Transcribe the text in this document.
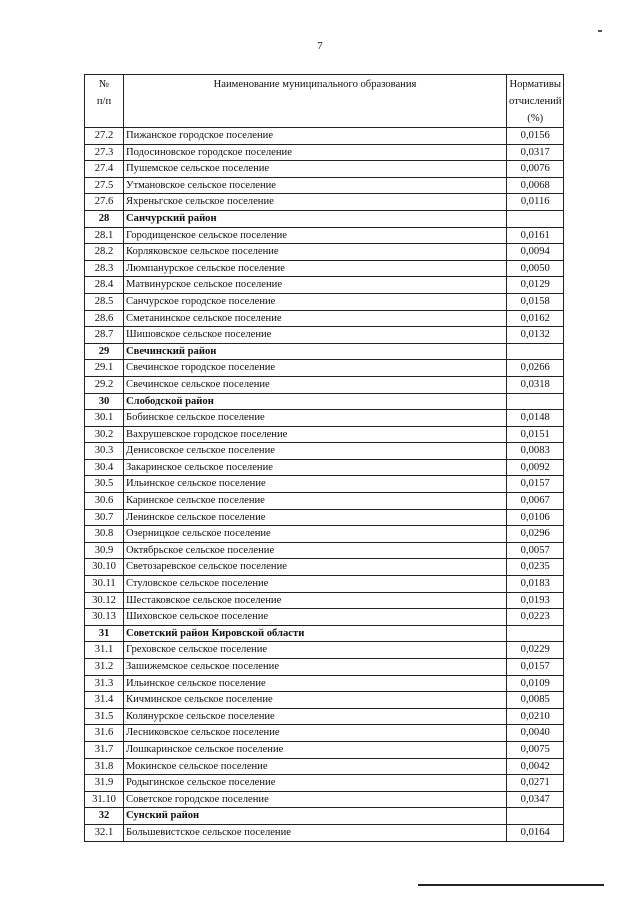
7
№
п/п	Наименование муниципального образования	Нормативы
отчислений
(%)

27.2	Пижанское городское поселение	0,0156
27.3	Подосиновское городское поселение	0,0317
27.4	Пушемское сельское поселение	0,0076
27.5	Утмановское сельское поселение	0,0068
27.6	Яхреньгское сельское поселение	0,0116
28	Санчурский район	
28.1	Городищенское сельское поселение	0,0161
28.2	Корляковское сельское поселение	0,0094
28.3	Люмпанурское сельское поселение	0,0050
28.4	Матвинурское сельское поселение	0,0129
28.5	Санчурское городское поселение	0,0158
28.6	Сметанинское сельское поселение	0,0162
28.7	Шишовское сельское поселение	0,0132
29	Свечинский район	
29.1	Свечинское городское поселение	0,0266
29.2	Свечинское сельское поселение	0,0318
30	Слободской район	
30.1	Бобинское сельское поселение	0,0148
30.2	Вахрушевское городское поселение	0,0151
30.3	Денисовское сельское поселение	0,0083
30.4	Закаринское сельское поселение	0,0092
30.5	Ильинское сельское поселение	0,0157
30.6	Каринское сельское поселение	0,0067
30.7	Ленинское сельское поселение	0,0106
30.8	Озерницкое сельское поселение	0,0296
30.9	Октябрьское сельское поселение	0,0057
30.10	Светозаревское сельское поселение	0,0235
30.11	Стуловское сельское поселение	0,0183
30.12	Шестаковское сельское поселение	0,0193
30.13	Шиховское сельское поселение	0,0223
31	Советский район Кировской области	
31.1	Греховское сельское поселение	0,0229
31.2	Зашижемское сельское поселение	0,0157
31.3	Ильинское сельское поселение	0,0109
31.4	Кичминское сельское поселение	0,0085
31.5	Колянурское сельское поселение	0,0210
31.6	Лесниковское сельское поселение	0,0040
31.7	Лошкаринское сельское поселение	0,0075
31.8	Мокинское сельское поселение	0,0042
31.9	Родыгинское сельское поселение	0,0271
31.10	Советское городское поселение	0,0347
32	Сунский район	
32.1	Большевистское сельское поселение	0,0164
